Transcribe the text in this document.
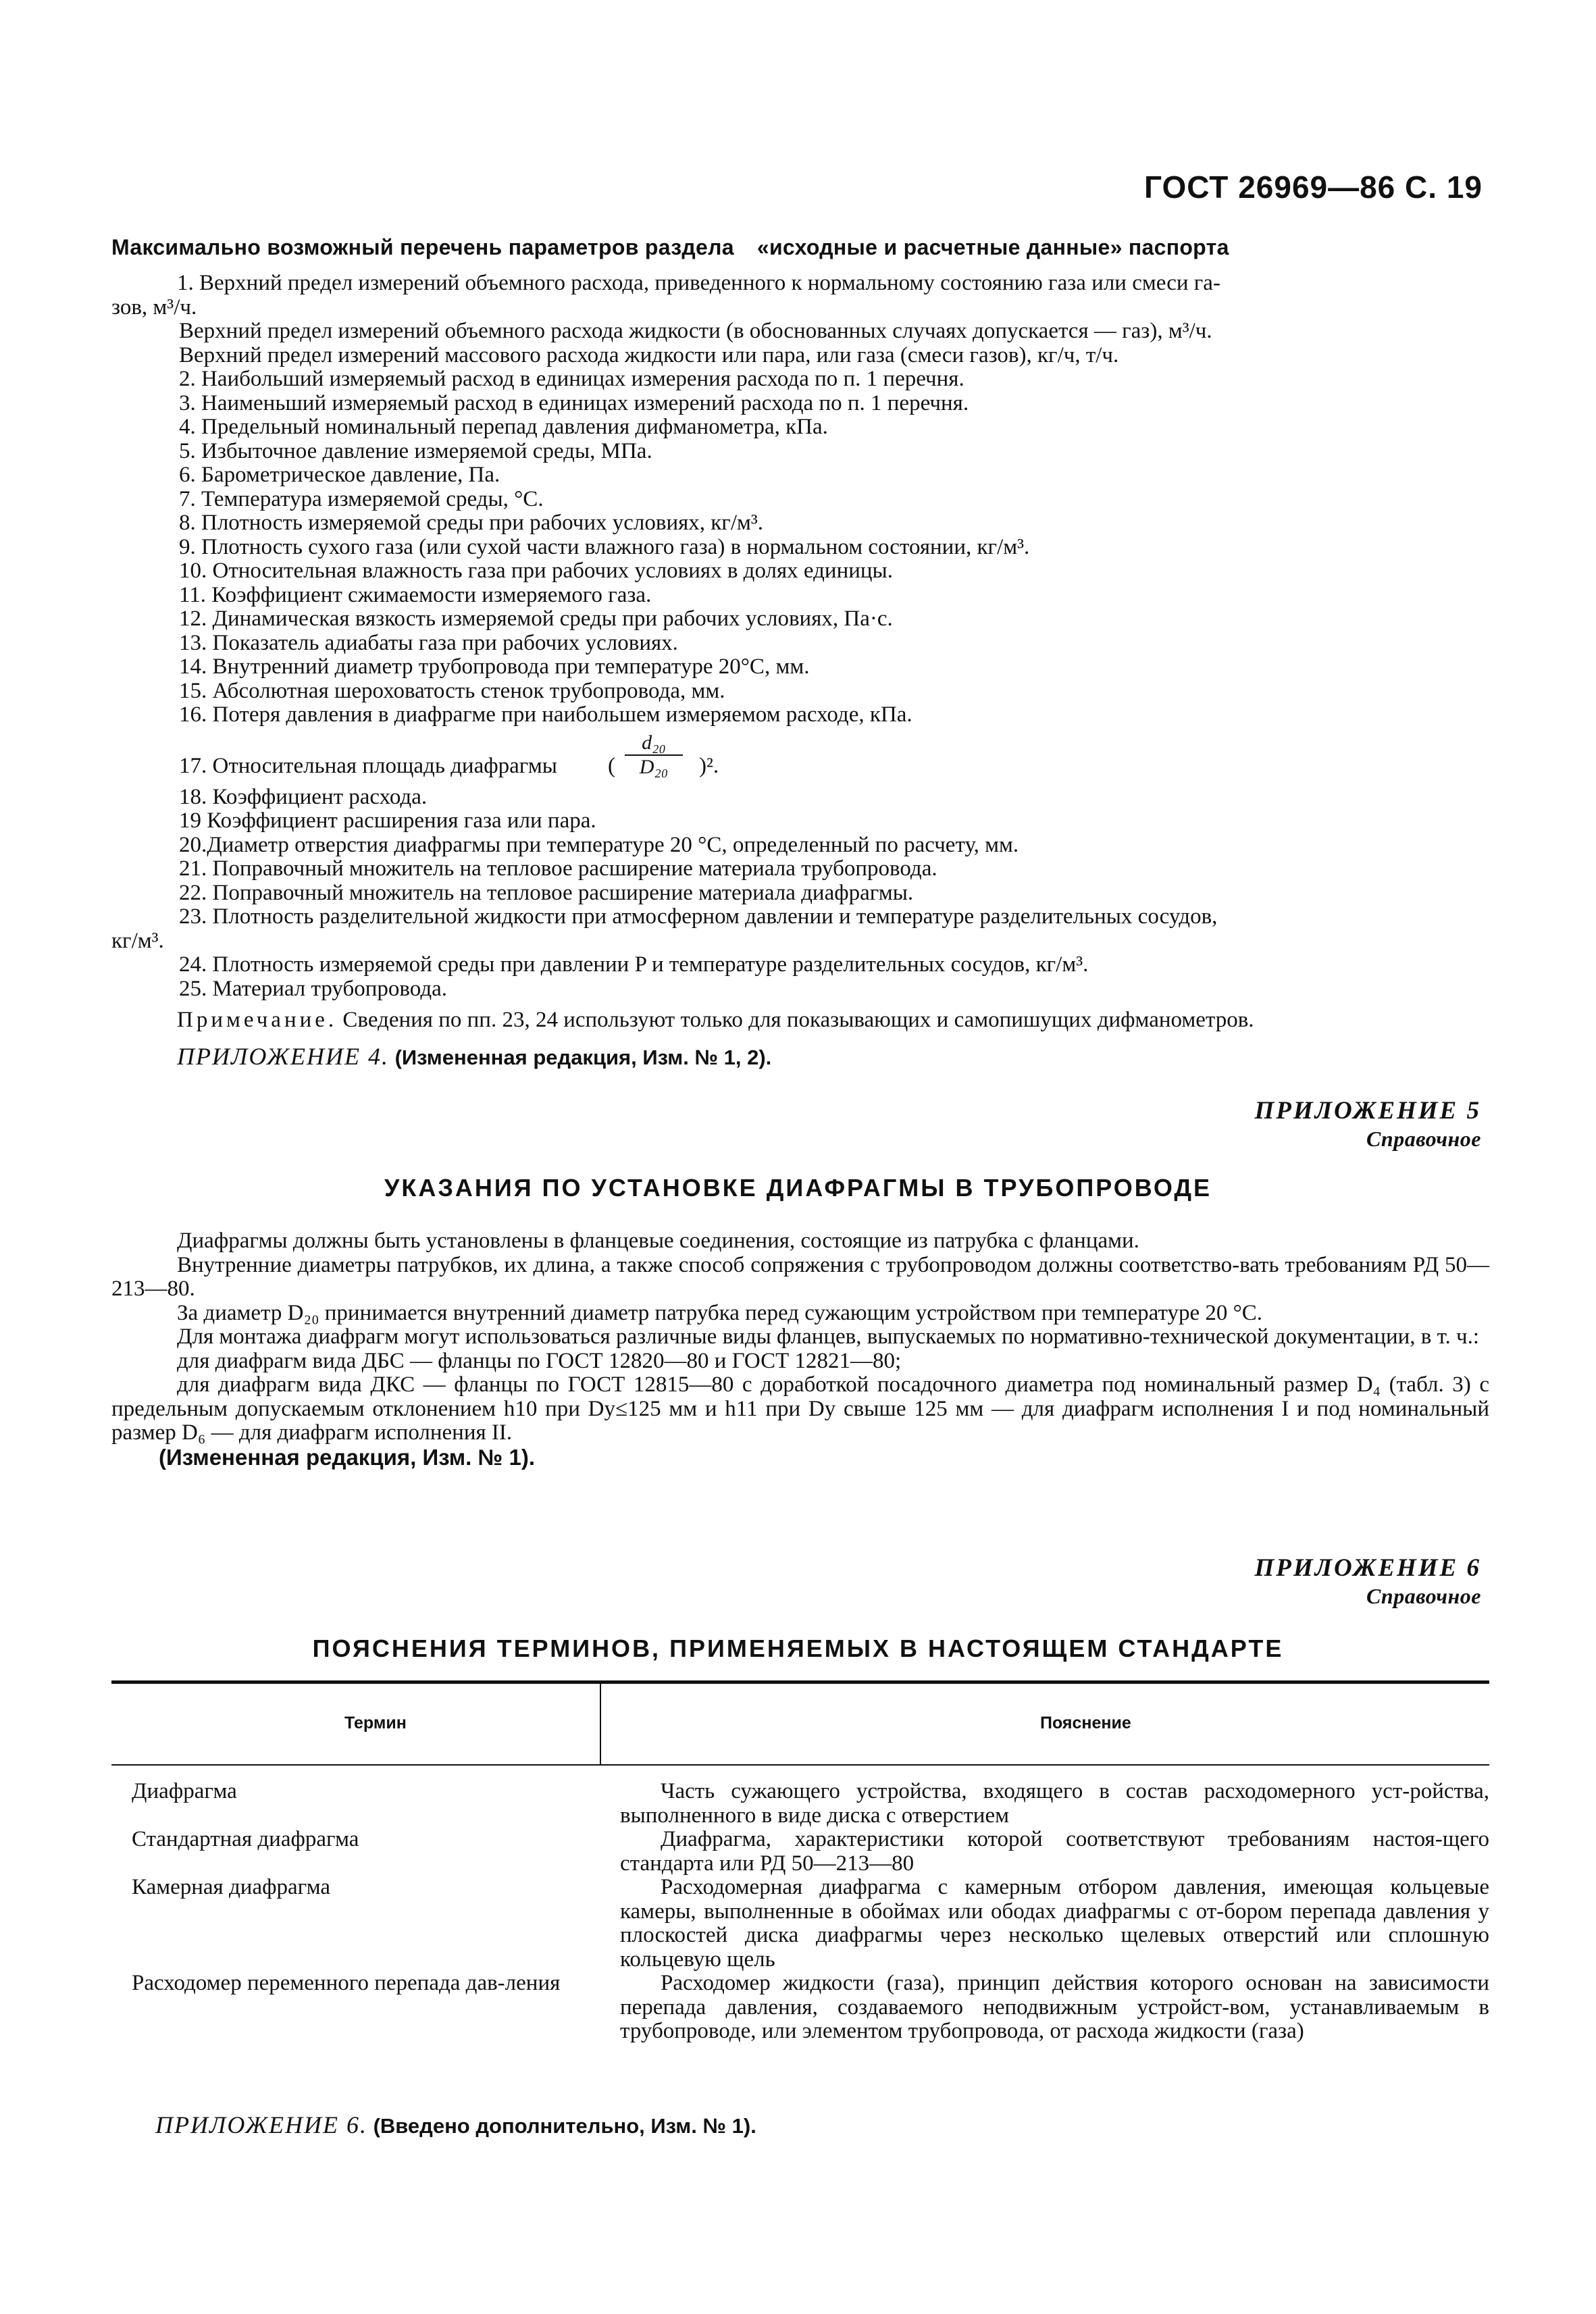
ГОСТ 26969—86 С. 19
Максимально возможный перечень параметров раздела «исходные и расчетные данные» паспорта
1. Верхний предел измерений объемного расхода, приведенного к нормальному состоянию газа или смеси га-
зов, м³/ч.
Верхний предел измерений объемного расхода жидкости (в обоснованных случаях допускается — газ), м³/ч.
Верхний предел измерений массового расхода жидкости или пара, или газа (смеси газов), кг/ч, т/ч.
2. Наибольший измеряемый расход в единицах измерения расхода по п. 1 перечня.
3. Наименьший измеряемый расход в единицах измерений расхода по п. 1 перечня.
4. Предельный номинальный перепад давления дифманометра, кПа.
5. Избыточное давление измеряемой среды, МПа.
6. Барометрическое давление, Па.
7. Температура измеряемой среды, °С.
8. Плотность измеряемой среды при рабочих условиях, кг/м³.
9. Плотность сухого газа (или сухой части влажного газа) в нормальном состоянии, кг/м³.
10. Относительная влажность газа при рабочих условиях в долях единицы.
11. Коэффициент сжимаемости измеряемого газа.
12. Динамическая вязкость измеряемой среды при рабочих условиях, Па·с.
13. Показатель адиабаты газа при рабочих условиях.
14. Внутренний диаметр трубопровода при температуре 20°С, мм.
15. Абсолютная шероховатость стенок трубопровода, мм.
16. Потеря давления в диафрагме при наибольшем измеряемом расходе, кПа.
17. Относительная площадь диафрагмы (
d₂₀
D₂₀	)².
18. Коэффициент расхода.
19 Коэффициент расширения газа или пара.
20.Диаметр отверстия диафрагмы при температуре 20 °С, определенный по расчету, мм.
21. Поправочный множитель на тепловое расширение материала трубопровода.
22. Поправочный множитель на тепловое расширение материала диафрагмы.
23. Плотность разделительной жидкости при атмосферном давлении и температуре разделительных сосудов,
кг/м³.
24. Плотность измеряемой среды при давлении P и температуре разделительных сосудов, кг/м³.
25. Материал трубопровода.
Примечание. Сведения по пп. 23, 24 используют только для показывающих и самопишущих дифманометров.
ПРИЛОЖЕНИЕ 4. (Измененная редакция, Изм. № 1, 2).
ПРИЛОЖЕНИЕ 5
Справочное
УКАЗАНИЯ ПО УСТАНОВКЕ ДИАФРАГМЫ В ТРУБОПРОВОДЕ
Диафрагмы должны быть установлены в фланцевые соединения, состоящие из патрубка с фланцами.
Внутренние диаметры патрубков, их длина, а также способ сопряжения с трубопроводом должны соответство-вать требованиям РД 50—213—80.
За диаметр D₂₀ принимается внутренний диаметр патрубка перед сужающим устройством при температуре 20 °С.
Для монтажа диафрагм могут использоваться различные виды фланцев, выпускаемых по нормативно-технической документации, в т. ч.:
для диафрагм вида ДБС — фланцы по ГОСТ 12820—80 и ГОСТ 12821—80;
для диафрагм вида ДКС — фланцы по ГОСТ 12815—80 с доработкой посадочного диаметра под номинальный размер D₄ (табл. 3) с предельным допускаемым отклонением h10 при Dу≤125 мм и h11 при Dу свыше 125 мм — для диафрагм исполнения I и под номинальный размер D₆ — для диафрагм исполнения II.
(Измененная редакция, Изм. № 1).
ПРИЛОЖЕНИЕ 6
Справочное
ПОЯСНЕНИЯ ТЕРМИНОВ, ПРИМЕНЯЕМЫХ В НАСТОЯЩЕМ СТАНДАРТЕ
Термин	Пояснение
Диафрагма	Часть сужающего устройства, входящего в состав расходомерного уст-ройства, выполненного в виде диска с отверстием
Стандартная диафрагма	Диафрагма, характеристики которой соответствуют требованиям настоя-щего стандарта или РД 50—213—80
Камерная диафрагма	Расходомерная диафрагма с камерным отбором давления, имеющая кольцевые камеры, выполненные в обоймах или ободах диафрагмы с от-бором перепада давления у плоскостей диска диафрагмы через несколько щелевых отверстий или сплошную кольцевую щель
Расходомер переменного перепада дав-ления	Расходомер жидкости (газа), принцип действия которого основан на зависимости перепада давления, создаваемого неподвижным устройст-вом, устанавливаемым в трубопроводе, или элементом трубопровода, от расхода жидкости (газа)
ПРИЛОЖЕНИЕ 6. (Введено дополнительно, Изм. № 1).
